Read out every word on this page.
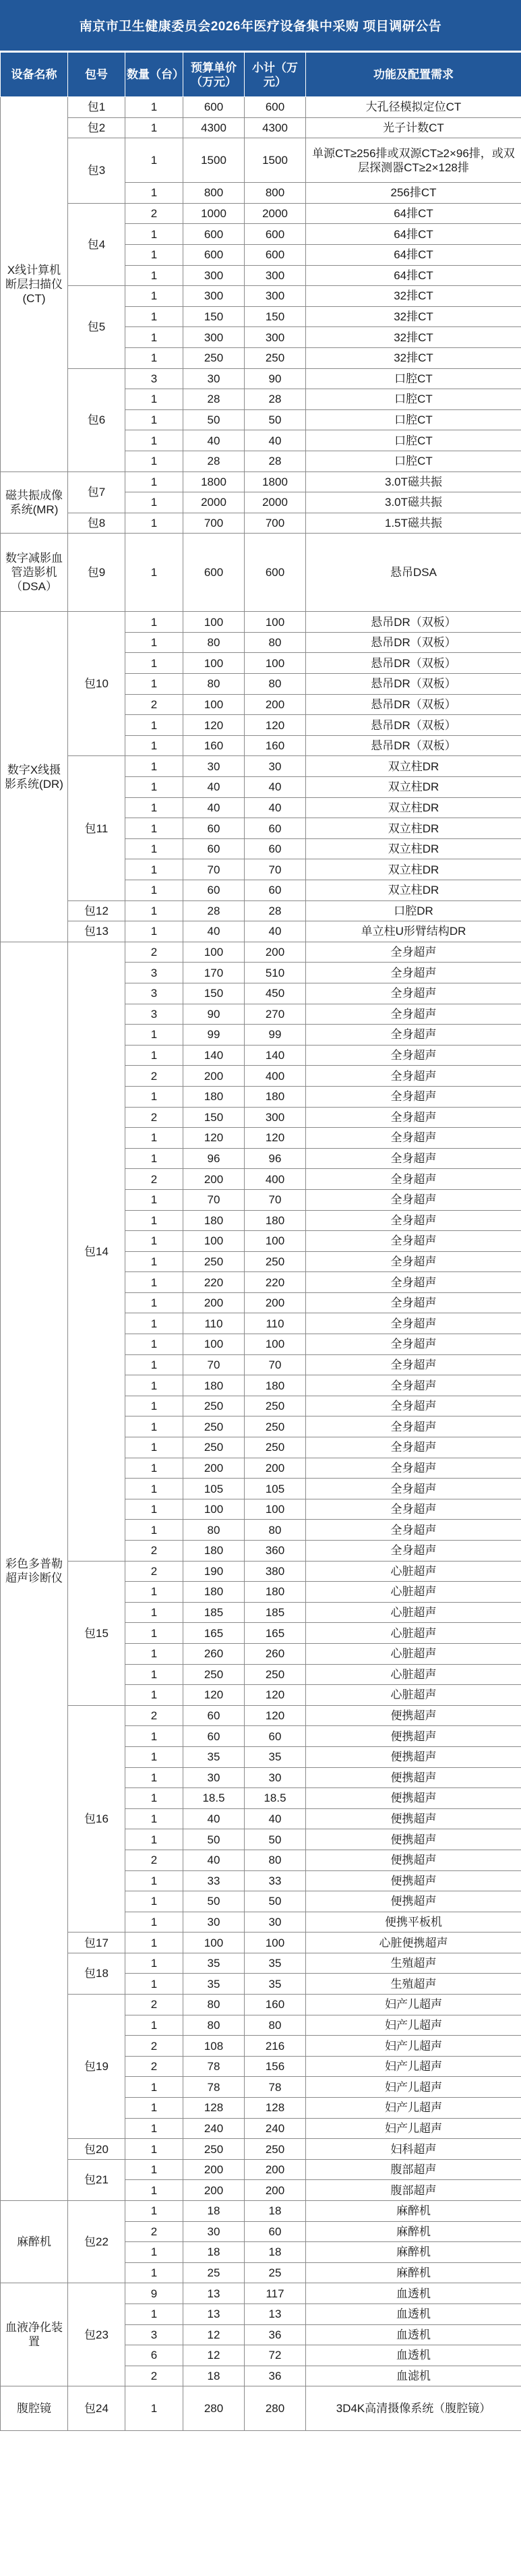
南京市卫生健康委员会2026年医疗设备集中采购 项目调研公告
设备名称	包号	数量（台）	预算单价（万元）	小计（万元）	功能及配置需求
X线计算机断层扫描仪(CT)	包1	1	600	600	大孔径模拟定位CT
	包2	1	4300	4300	光子计数CT
	包3	1	1500	1500	单源CT≥256排或双源CT≥2×96排，或双层探测器CT≥2×128排
		1	800	800	256排CT
	包4	2	1000	2000	64排CT
		1	600	600	64排CT
		1	600	600	64排CT
		1	300	300	64排CT
	包5	1	300	300	32排CT
		1	150	150	32排CT
		1	300	300	32排CT
		1	250	250	32排CT
	包6	3	30	90	口腔CT
		1	28	28	口腔CT
		1	50	50	口腔CT
		1	40	40	口腔CT
		1	28	28	口腔CT
磁共振成像系统(MR)	包7	1	1800	1800	3.0T磁共振
		1	2000	2000	3.0T磁共振
	包8	1	700	700	1.5T磁共振
数字减影血管造影机（DSA）	包9	1	600	600	悬吊DSA
数字X线摄影系统(DR)	包10	1	100	100	悬吊DR（双板）
		1	80	80	悬吊DR（双板）
		1	100	100	悬吊DR（双板）
		1	80	80	悬吊DR（双板）
		2	100	200	悬吊DR（双板）
		1	120	120	悬吊DR（双板）
		1	160	160	悬吊DR（双板）
	包11	1	30	30	双立柱DR
		1	40	40	双立柱DR
		1	40	40	双立柱DR
		1	60	60	双立柱DR
		1	60	60	双立柱DR
		1	70	70	双立柱DR
		1	60	60	双立柱DR
	包12	1	28	28	口腔DR
	包13	1	40	40	单立柱U形臂结构DR
彩色多普勒超声诊断仪	包14	2	100	200	全身超声
		3	170	510	全身超声
		3	150	450	全身超声
		3	90	270	全身超声
		1	99	99	全身超声
		1	140	140	全身超声
		2	200	400	全身超声
		1	180	180	全身超声
		2	150	300	全身超声
		1	120	120	全身超声
		1	96	96	全身超声
		2	200	400	全身超声
		1	70	70	全身超声
		1	180	180	全身超声
		1	100	100	全身超声
		1	250	250	全身超声
		1	220	220	全身超声
		1	200	200	全身超声
		1	110	110	全身超声
		1	100	100	全身超声
		1	70	70	全身超声
		1	180	180	全身超声
		1	250	250	全身超声
		1	250	250	全身超声
		1	250	250	全身超声
		1	200	200	全身超声
		1	105	105	全身超声
		1	100	100	全身超声
		1	80	80	全身超声
		2	180	360	全身超声
	包15	2	190	380	心脏超声
		1	180	180	心脏超声
		1	185	185	心脏超声
		1	165	165	心脏超声
		1	260	260	心脏超声
		1	250	250	心脏超声
		1	120	120	心脏超声
	包16	2	60	120	便携超声
		1	60	60	便携超声
		1	35	35	便携超声
		1	30	30	便携超声
		1	18.5	18.5	便携超声
		1	40	40	便携超声
		1	50	50	便携超声
		2	40	80	便携超声
		1	33	33	便携超声
		1	50	50	便携超声
		1	30	30	便携平板机
	包17	1	100	100	心脏便携超声
	包18	1	35	35	生殖超声
		1	35	35	生殖超声
	包19	2	80	160	妇产儿超声
		1	80	80	妇产儿超声
		2	108	216	妇产儿超声
		2	78	156	妇产儿超声
		1	78	78	妇产儿超声
		1	128	128	妇产儿超声
		1	240	240	妇产儿超声
	包20	1	250	250	妇科超声
	包21	1	200	200	腹部超声
		1	200	200	腹部超声
麻醉机	包22	1	18	18	麻醉机
		2	30	60	麻醉机
		1	18	18	麻醉机
		1	25	25	麻醉机
血液净化装置	包23	9	13	117	血透机
		1	13	13	血透机
		3	12	36	血透机
		6	12	72	血透机
		2	18	36	血滤机
腹腔镜	包24	1	280	280	3D4K高清摄像系统（腹腔镜）
